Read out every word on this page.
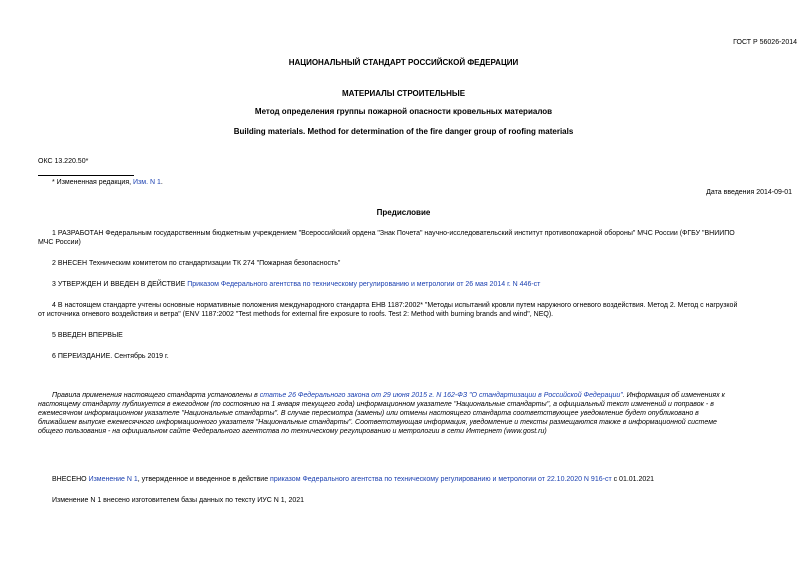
ГОСТ Р 56026-2014
НАЦИОНАЛЬНЫЙ СТАНДАРТ РОССИЙСКОЙ ФЕДЕРАЦИИ
МАТЕРИАЛЫ СТРОИТЕЛЬНЫЕ
Метод определения группы пожарной опасности кровельных материалов
Building materials. Method for determination of the fire danger group of roofing materials
ОКС 13.220.50*
* Измененная редакция, Изм. N 1.
Дата введения 2014-09-01
Предисловие
1 РАЗРАБОТАН Федеральным государственным бюджетным учреждением "Всероссийский ордена "Знак Почета" научно-исследовательский институт противопожарной обороны" МЧС России (ФГБУ "ВНИИПО
МЧС России)
2 ВНЕСЕН Техническим комитетом по стандартизации ТК 274 "Пожарная безопасность"
3 УТВЕРЖДЕН И ВВЕДЕН В ДЕЙСТВИЕ Приказом Федерального агентства по техническому регулированию и метрологии от 26 мая 2014 г. N 446-ст
4 В настоящем стандарте учтены основные нормативные положения международного стандарта ЕНВ 1187:2002* "Методы испытаний кровли путем наружного огневого воздействия. Метод 2. Метод с нагрузкой
от источника огневого воздействия и ветра" (ENV 1187:2002 "Test methods for external fire exposure to roofs. Test 2: Method with burning brands and wind", NEQ).
5 ВВЕДЕН ВПЕРВЫЕ
6 ПЕРЕИЗДАНИЕ. Сентябрь 2019 г.
Правила применения настоящего стандарта установлены в статье 26 Федерального закона от 29 июня 2015 г. N 162-ФЗ "О стандартизации в Российской Федерации". Информация об изменениях к
настоящему стандарту публикуется в ежегодном (по состоянию на 1 января текущего года) информационном указателе "Национальные стандарты", а официальный текст изменений и поправок - в
ежемесячном информационном указателе "Национальные стандарты". В случае пересмотра (замены) или отмены настоящего стандарта соответствующее уведомление будет опубликовано в
ближайшем выпуске ежемесячного информационного указателя "Национальные стандарты". Соответствующая информация, уведомление и тексты размещаются также в информационной системе
общего пользования - на официальном сайте Федерального агентства по техническому регулированию и метрологии в сети Интернет (www.gost.ru)
ВНЕСЕНО Изменение N 1, утвержденное и введенное в действие приказом Федерального агентства по техническому регулированию и метрологии от 22.10.2020 N 916-ст с 01.01.2021
Изменение N 1 внесено изготовителем базы данных по тексту ИУС N 1, 2021
